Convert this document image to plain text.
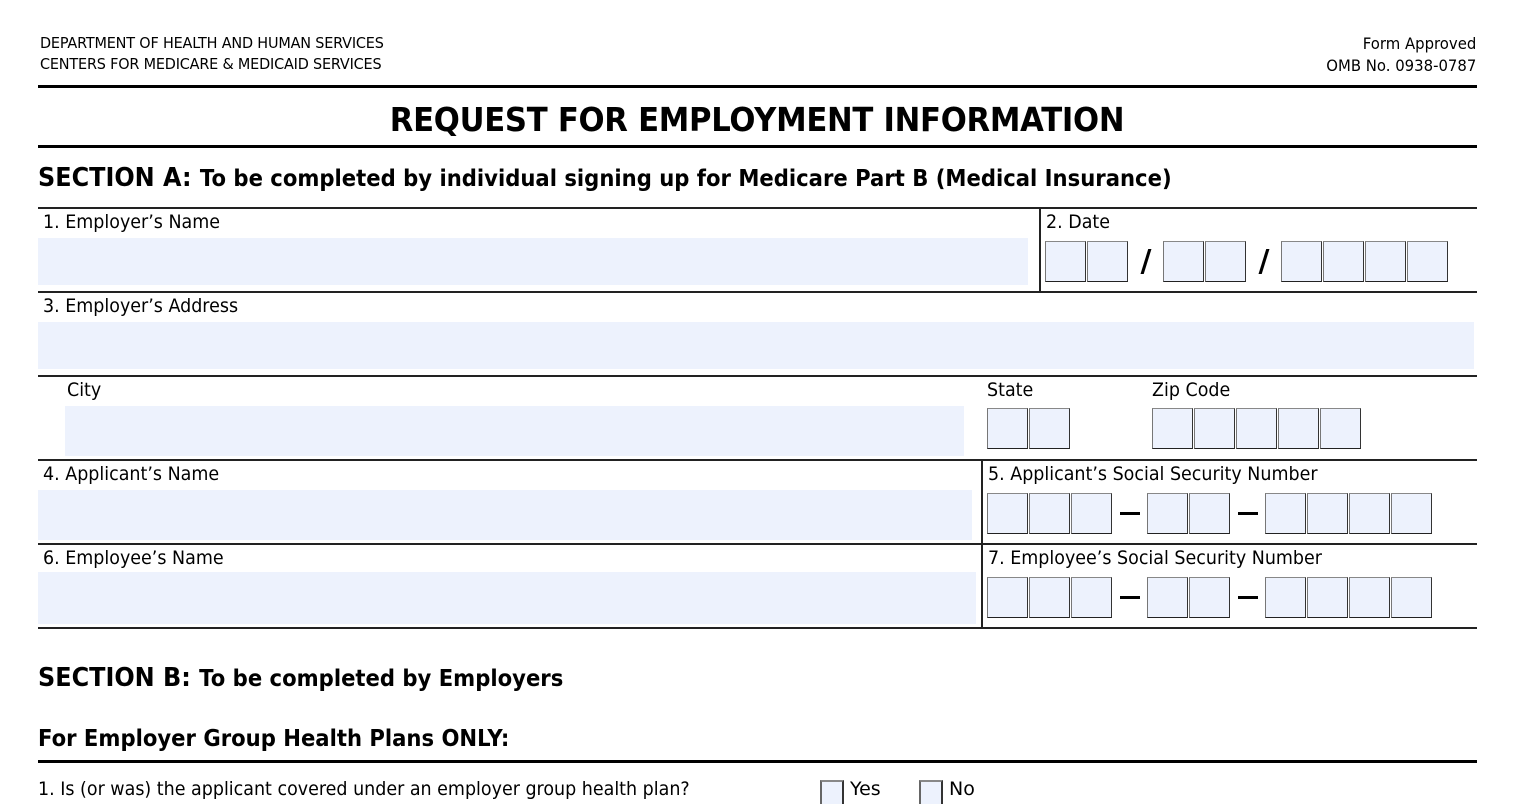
DEPARTMENT OF HEALTH AND HUMAN SERVICES
CENTERS FOR MEDICARE & MEDICAID SERVICES
Form Approved
OMB No. 0938-0787
REQUEST FOR EMPLOYMENT INFORMATION
SECTION A: To be completed by individual signing up for Medicare Part B (Medical Insurance)
1. Employer’s Name	2. Date
/	/
3. Employer’s Address
City	State	Zip Code
4. Applicant’s Name	5. Applicant’s Social Security Number
6. Employee’s Name	7. Employee’s Social Security Number
SECTION B: To be completed by Employers
For Employer Group Health Plans ONLY:
1. Is (or was) the applicant covered under an employer group health plan?	Yes	No
